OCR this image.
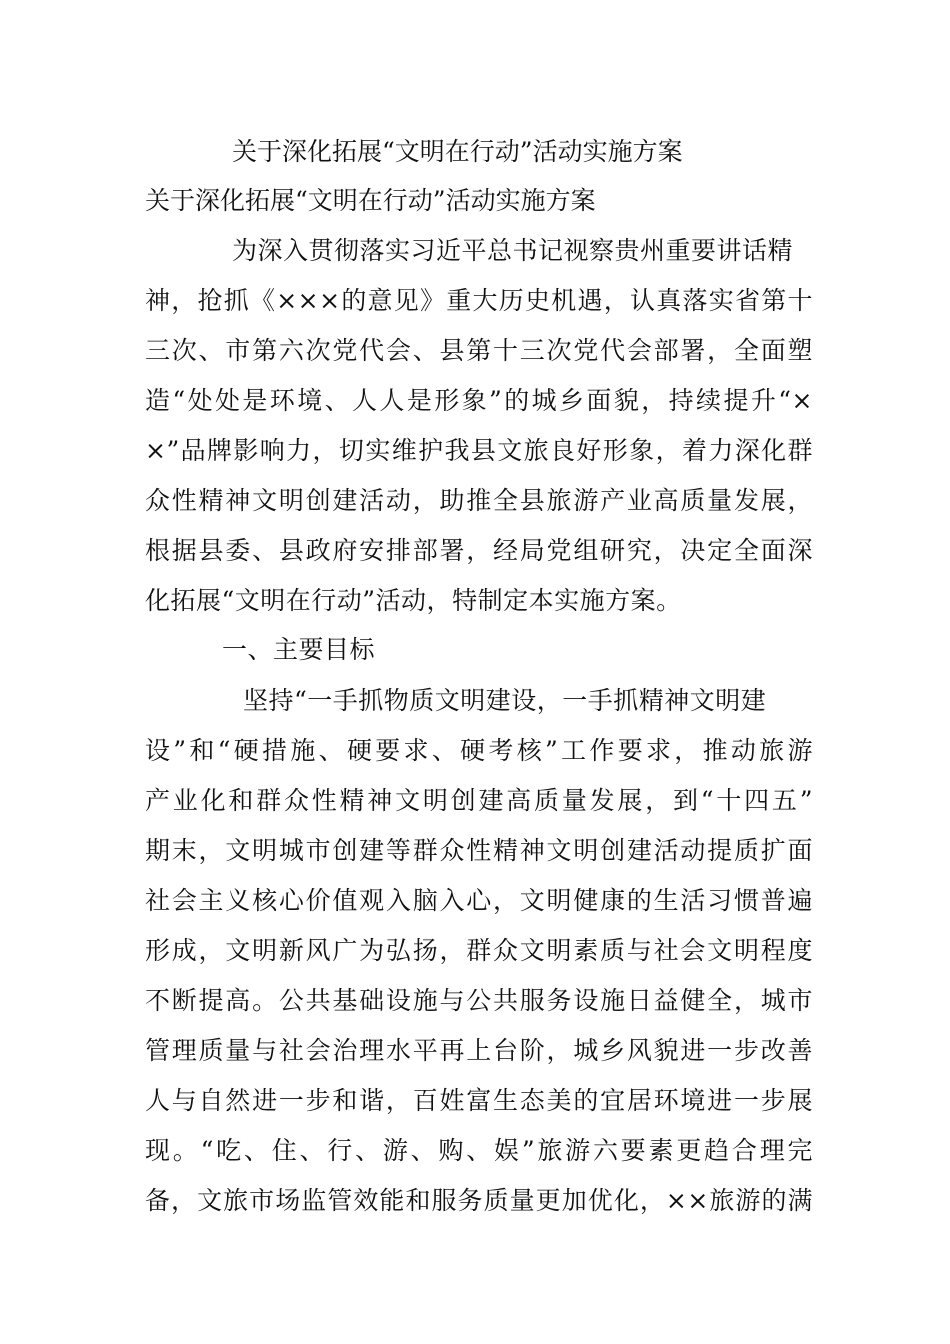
关于深化拓展“文明在行动”活动实施方案
关于深化拓展“文明在行动”活动实施方案
为深入贯彻落实习近平总书记视察贵州重要讲话精
神，抢抓《×××的意见》重大历史机遇，认真落实省第十
三次、市第六次党代会、县第十三次党代会部署，全面塑
造“处处是环境、人人是形象”的城乡面貌，持续提升“×
×”品牌影响力，切实维护我县文旅良好形象，着力深化群
众性精神文明创建活动，助推全县旅游产业高质量发展，
根据县委、县政府安排部署，经局党组研究，决定全面深
化拓展“文明在行动”活动，特制定本实施方案。
一、主要目标
坚持“一手抓物质文明建设，一手抓精神文明建
设”和“硬措施、硬要求、硬考核”工作要求，推动旅游
产业化和群众性精神文明创建高质量发展，到“十四五”
期末，文明城市创建等群众性精神文明创建活动提质扩面
社会主义核心价值观入脑入心，文明健康的生活习惯普遍
形成，文明新风广为弘扬，群众文明素质与社会文明程度
不断提高。公共基础设施与公共服务设施日益健全，城市
管理质量与社会治理水平再上台阶，城乡风貌进一步改善
人与自然进一步和谐，百姓富生态美的宜居环境进一步展
现。“吃、住、行、游、购、娱”旅游六要素更趋合理完
备，文旅市场监管效能和服务质量更加优化，××旅游的满
